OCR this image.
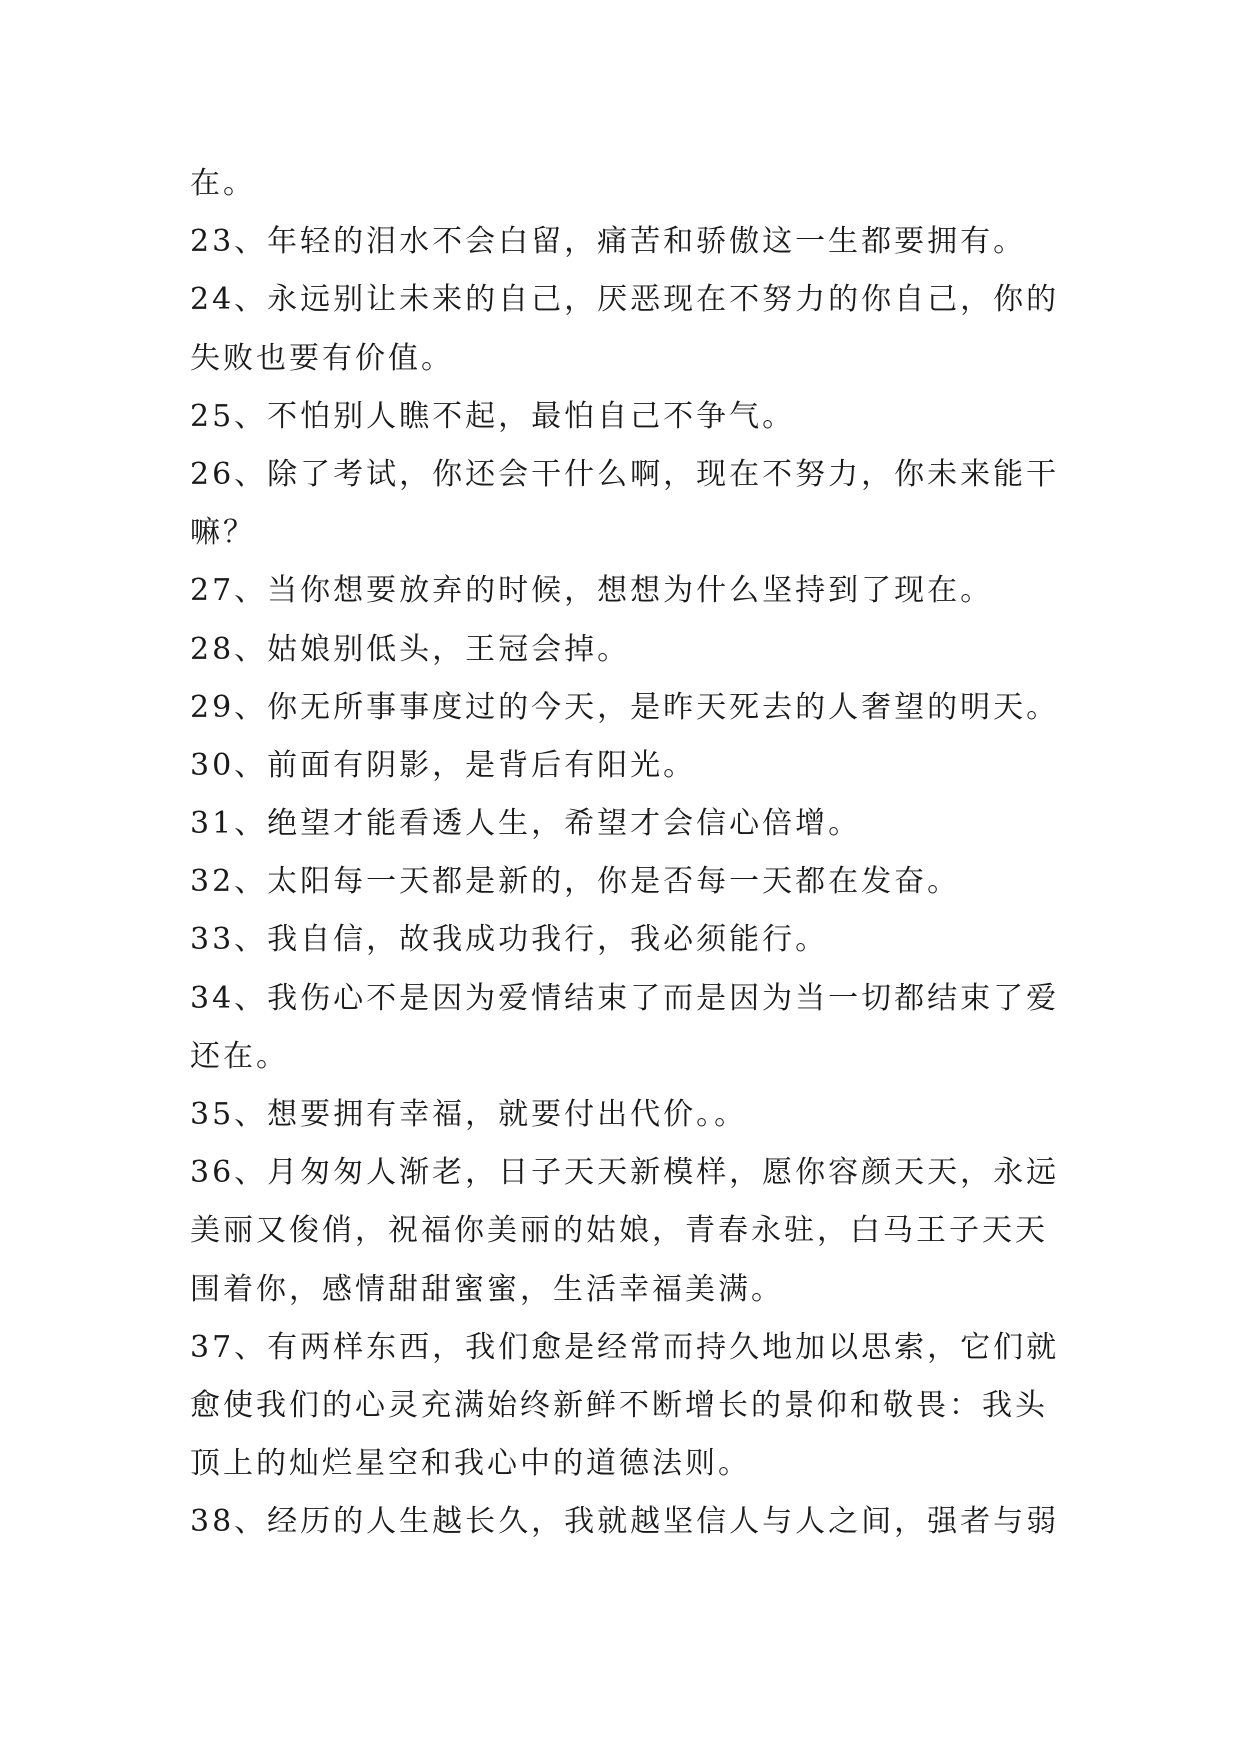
在。
23、年轻的泪水不会白留，痛苦和骄傲这一生都要拥有。
24、永远别让未来的自己，厌恶现在不努力的你自己，你的
失败也要有价值。
25、不怕别人瞧不起，最怕自己不争气。
26、除了考试，你还会干什么啊，现在不努力，你未来能干
嘛？
27、当你想要放弃的时候，想想为什么坚持到了现在。
28、姑娘别低头，王冠会掉。
29、你无所事事度过的今天，是昨天死去的人奢望的明天。
30、前面有阴影，是背后有阳光。
31、绝望才能看透人生，希望才会信心倍增。
32、太阳每一天都是新的，你是否每一天都在发奋。
33、我自信，故我成功我行，我必须能行。
34、我伤心不是因为爱情结束了而是因为当一切都结束了爱
还在。
35、想要拥有幸福，就要付出代价。。
36、月匆匆人渐老，日子天天新模样，愿你容颜天天，永远
美丽又俊俏，祝福你美丽的姑娘，青春永驻，白马王子天天
围着你，感情甜甜蜜蜜，生活幸福美满。
37、有两样东西，我们愈是经常而持久地加以思索，它们就
愈使我们的心灵充满始终新鲜不断增长的景仰和敬畏：我头
顶上的灿烂星空和我心中的道德法则。
38、经历的人生越长久，我就越坚信人与人之间，强者与弱
